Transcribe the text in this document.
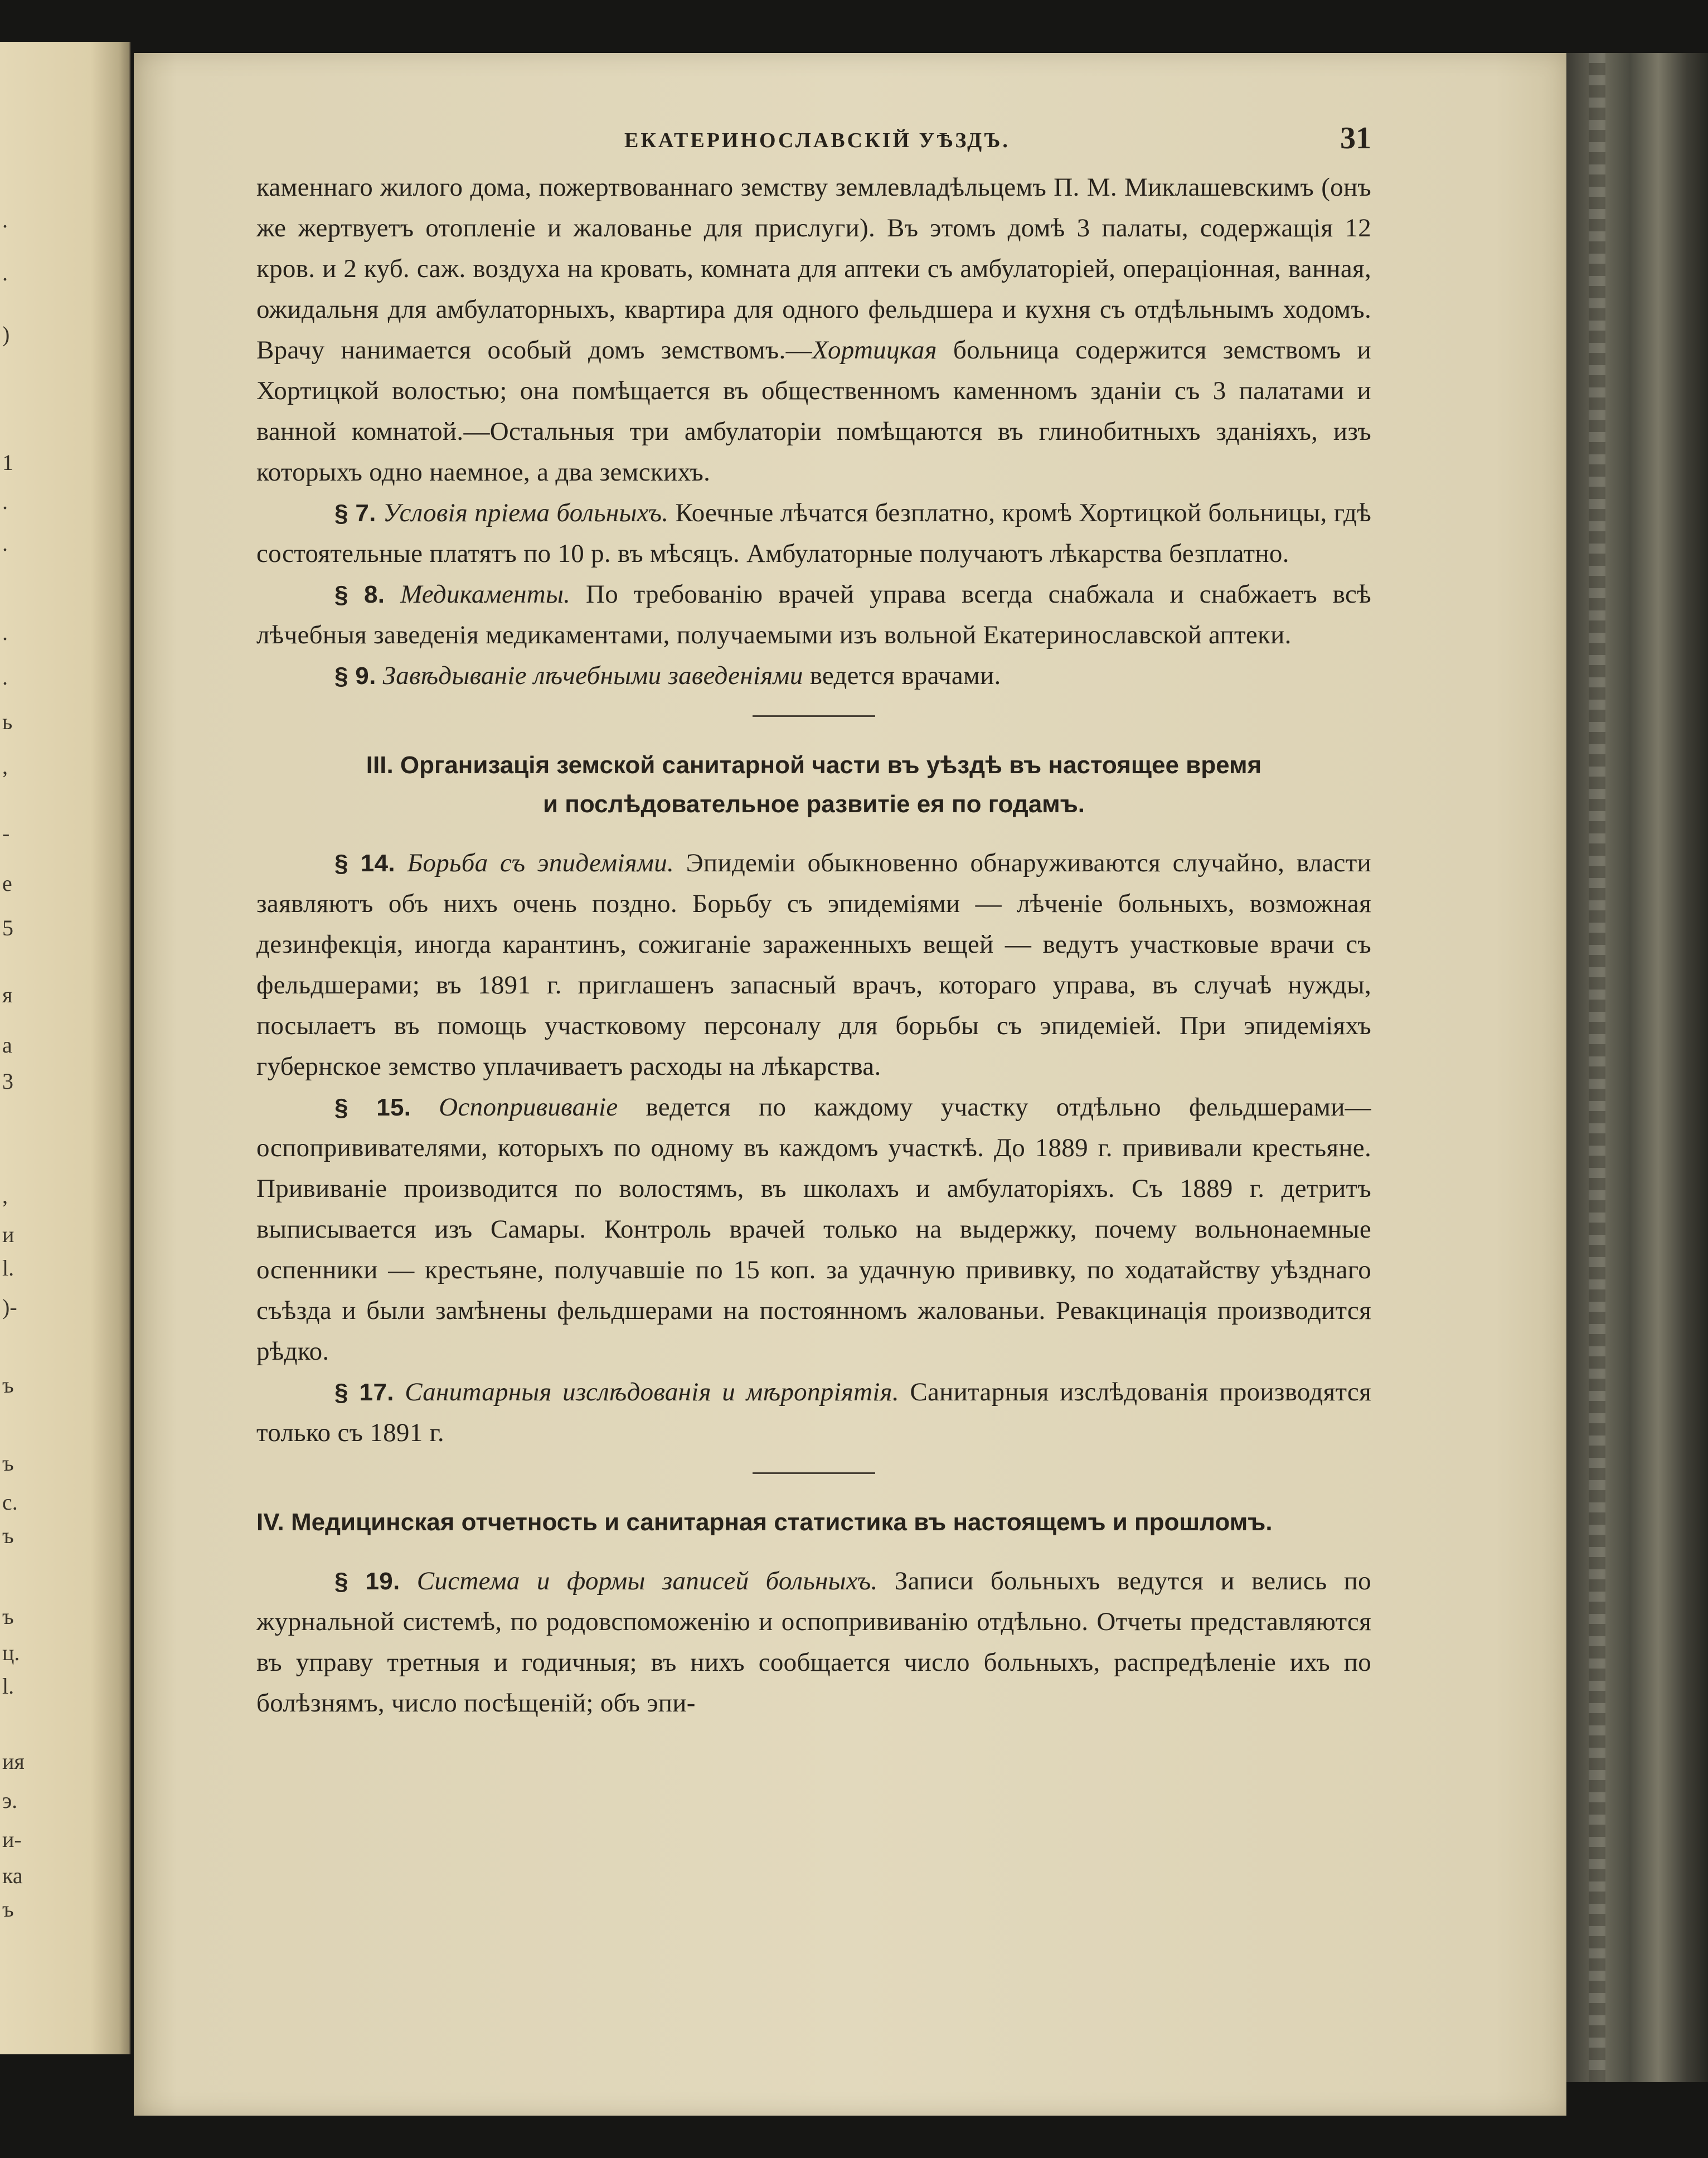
.
.
)
1
.
.
.
.
ь
,
-
e
5
я
a
3
,
и
l.
)-
ъ
ъ
с.
ъ
ъ
ц.
l.
ия
э.
и-
ка
ъ
ЕКАТЕРИНОСЛАВСКІЙ УѢЗДЪ.	31

каменнаго жилого дома, пожертвованнаго земству землевладѣльцемъ П. М. Миклашевскимъ (онъ же жертвуетъ отопленіе и жалованье для прислуги). Въ этомъ домѣ 3 палаты, содержащія 12 кров. и 2 куб. саж. воздуха на кровать, комната для аптеки съ амбулаторіей, операціонная, ванная, ожидальня для амбулаторныхъ, квартира для одного фельдшера и кухня съ отдѣльнымъ ходомъ. Врачу нанимается особый домъ земствомъ.—Хортицкая больница содержится земствомъ и Хортицкой волостью; она помѣщается въ общественномъ каменномъ зданіи съ 3 палатами и ванной комнатой.—Остальныя три амбулаторіи помѣщаются въ глинобитныхъ зданіяхъ, изъ которыхъ одно наемное, а два земскихъ.

§ 7. Условія пріема больныхъ. Коечные лѣчатся безплатно, кромѣ Хортицкой больницы, гдѣ состоятельные платятъ по 10 р. въ мѣсяцъ. Амбулаторные получаютъ лѣкарства безплатно.

§ 8. Медикаменты. По требованію врачей управа всегда снабжала и снабжаетъ всѣ лѣчебныя заведенія медикаментами, получаемыми изъ вольной Екатеринославской аптеки.

§ 9. Завѣдываніе лѣчебными заведеніями ведется врачами.

III. Организація земской санитарной части въ уѣздѣ въ настоящее время
и послѣдовательное развитіе ея по годамъ.

§ 14. Борьба съ эпидеміями. Эпидеміи обыкновенно обнаруживаются случайно, власти заявляютъ объ нихъ очень поздно. Борьбу съ эпидеміями — лѣченіе больныхъ, возможная дезинфекція, иногда карантинъ, сожиганіе зараженныхъ вещей — ведутъ участковые врачи съ фельдшерами; въ 1891 г. приглашенъ запасный врачъ, котораго управа, въ случаѣ нужды, посылаетъ въ помощь участковому персоналу для борьбы съ эпидеміей. При эпидеміяхъ губернское земство уплачиваетъ расходы на лѣкарства.

§ 15. Оспопрививаніе ведется по каждому участку отдѣльно фельдшерами—оспопрививателями, которыхъ по одному въ каждомъ участкѣ. До 1889 г. прививали крестьяне. Прививаніе производится по волостямъ, въ школахъ и амбулаторіяхъ. Съ 1889 г. детритъ выписывается изъ Самары. Контроль врачей только на выдержку, почему вольнонаемные оспенники — крестьяне, получавшіе по 15 коп. за удачную прививку, по ходатайству уѣзднаго съѣзда и были замѣнены фельдшерами на постоянномъ жалованьи. Ревакцинація производится рѣдко.

§ 17. Санитарныя изслѣдованія и мѣропріятія. Санитарныя изслѣдованія производятся только съ 1891 г.

IV. Медицинская отчетность и санитарная статистика въ настоящемъ и прошломъ.

§ 19. Система и формы записей больныхъ. Записи больныхъ ведутся и велись по журнальной системѣ, по родовспоможенію и оспопрививанію отдѣльно. Отчеты представляются въ управу третныя и годичныя; въ нихъ сообщается число больныхъ, распредѣленіе ихъ по болѣзнямъ, число посѣщеній; объ эпи-
